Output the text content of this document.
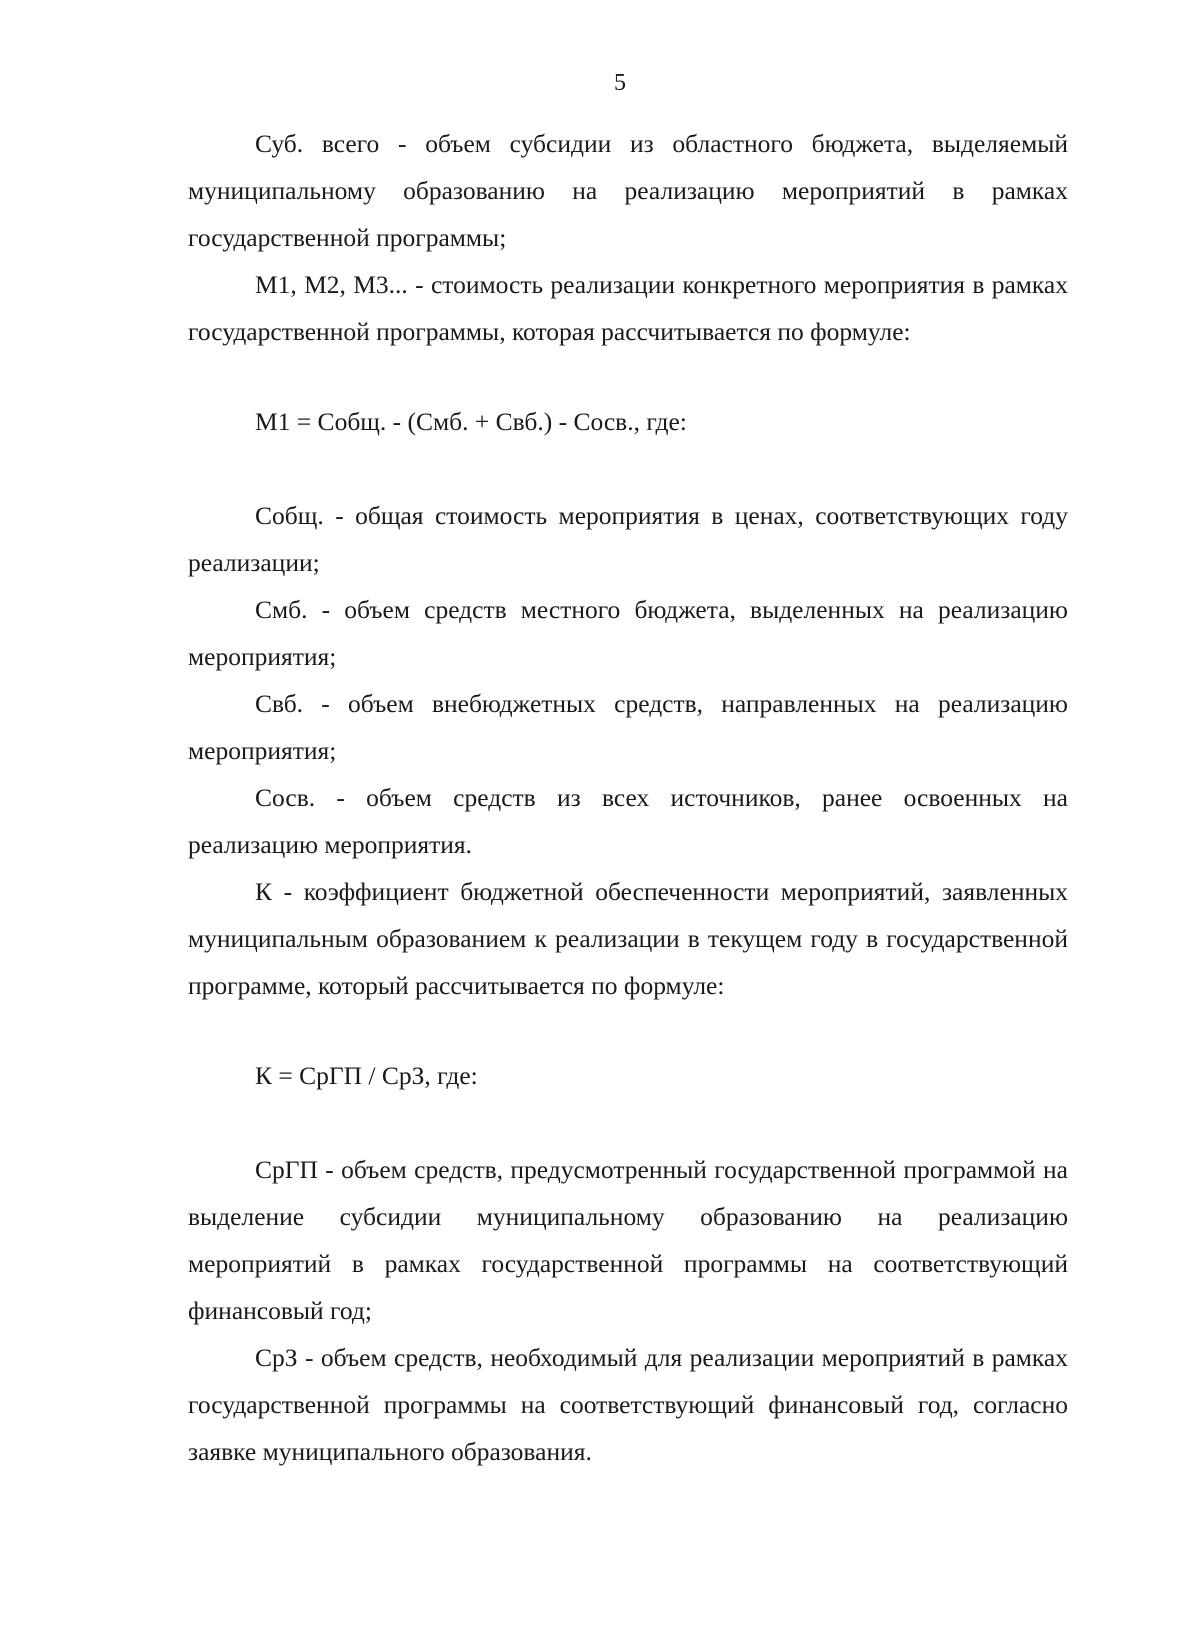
5

Суб. всего - объем субсидии из областного бюджета, выделяемый муниципальному образованию на реализацию мероприятий в рамках государственной программы;

М1, М2, М3... - стоимость реализации конкретного мероприятия в рамках государственной программы, которая рассчитывается по формуле:

М1 = Собщ. - (Смб. + Свб.) - Сосв., где:

Собщ. - общая стоимость мероприятия в ценах, соответствующих году реализации;

Смб. - объем средств местного бюджета, выделенных на реализацию мероприятия;

Свб. - объем внебюджетных средств, направленных на реализацию мероприятия;

Сосв. - объем средств из всех источников, ранее освоенных на реализацию мероприятия.

К - коэффициент бюджетной обеспеченности мероприятий, заявленных муниципальным образованием к реализации в текущем году в государственной программе, который рассчитывается по формуле:

К = СрГП / СрЗ, где:

СрГП - объем средств, предусмотренный государственной программой на выделение субсидии муниципальному образованию на реализацию мероприятий в рамках государственной программы на соответствующий финансовый год;

СрЗ - объем средств, необходимый для реализации мероприятий в рамках государственной программы на соответствующий финансовый год, согласно заявке муниципального образования.
